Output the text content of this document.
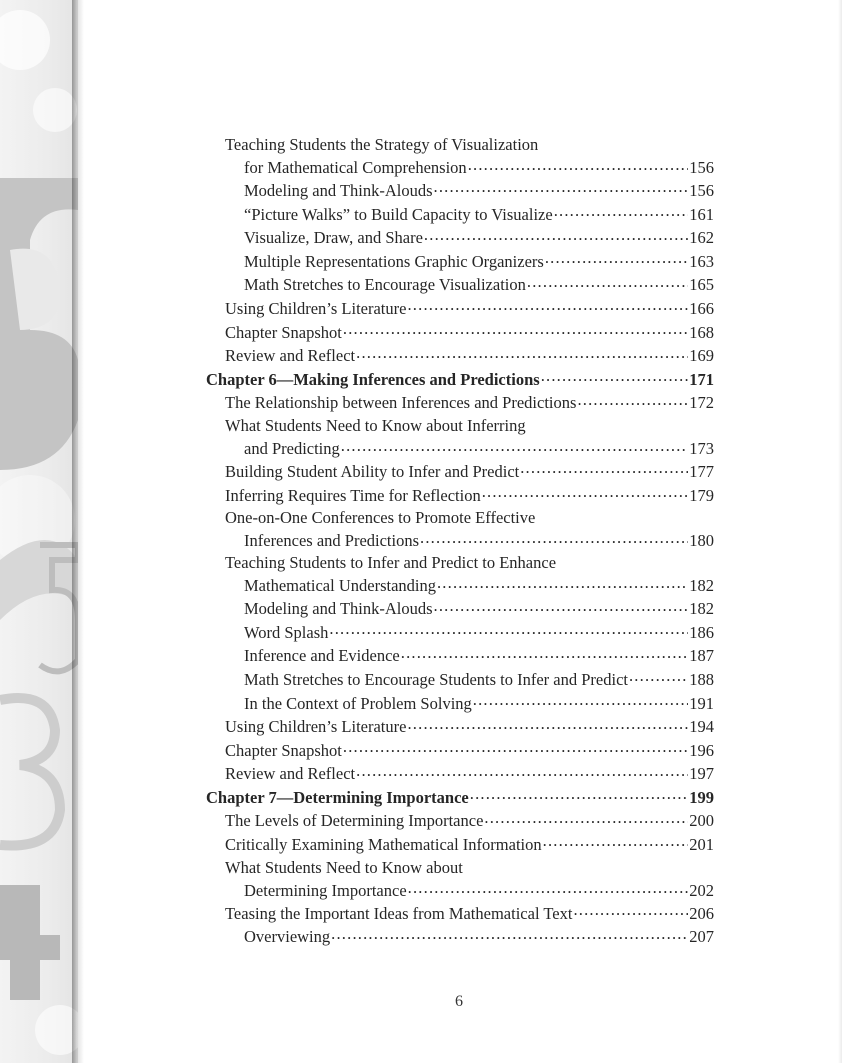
Teaching Students the Strategy of Visualization
for Mathematical Comprehension .....	156
Modeling and Think-Alouds .....	156
“Picture Walks” to Build Capacity to Visualize .....	161
Visualize, Draw, and Share .....	162
Multiple Representations Graphic Organizers .....	163
Math Stretches to Encourage Visualization .....	165
Using Children’s Literature .....	166
Chapter Snapshot .....	168
Review and Reflect .....	169
Chapter 6—Making Inferences and Predictions .....	171
The Relationship between Inferences and Predictions .....	172
What Students Need to Know about Inferring
and Predicting .....	173
Building Student Ability to Infer and Predict .....	177
Inferring Requires Time for Reflection .....	179
One-on-One Conferences to Promote Effective
Inferences and Predictions .....	180
Teaching Students to Infer and Predict to Enhance
Mathematical Understanding .....	182
Modeling and Think-Alouds .....	182
Word Splash .....	186
Inference and Evidence .....	187
Math Stretches to Encourage Students to Infer and Predict .....	188
In the Context of Problem Solving .....	191
Using Children’s Literature .....	194
Chapter Snapshot .....	196
Review and Reflect .....	197
Chapter 7—Determining Importance .....	199
The Levels of Determining Importance .....	200
Critically Examining Mathematical Information .....	201
What Students Need to Know about
Determining Importance .....	202
Teasing the Important Ideas from Mathematical Text .....	206
Overviewing .....	207
6
